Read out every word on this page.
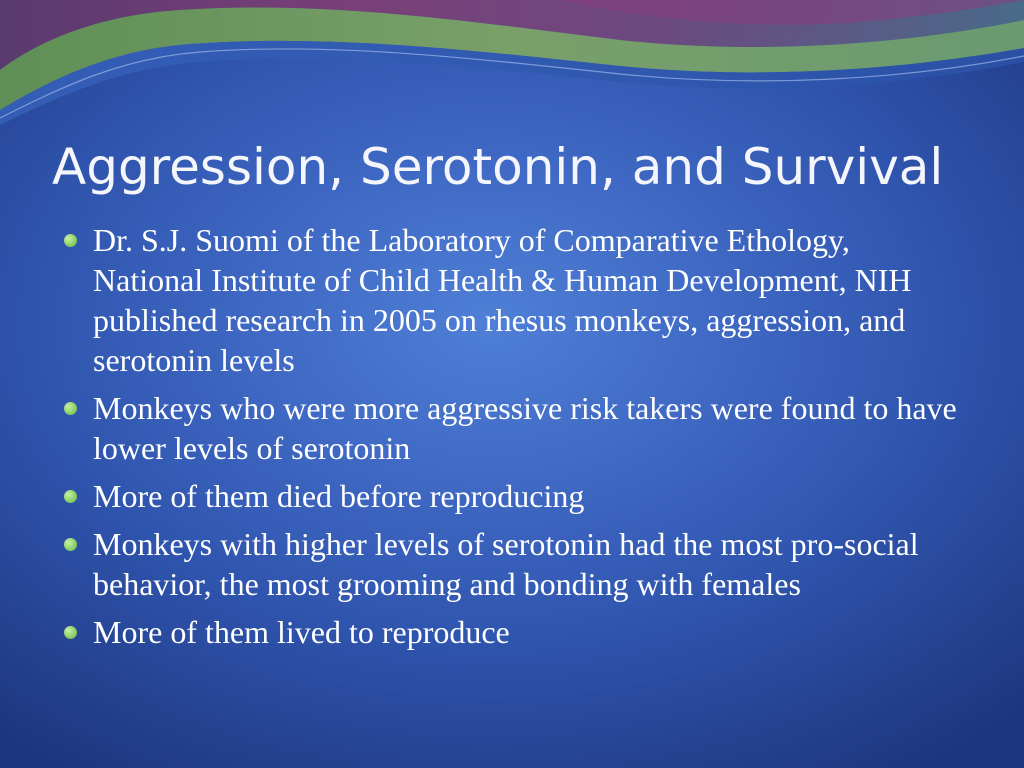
Aggression, Serotonin, and Survival
Dr. S.J. Suomi of the Laboratory of Comparative Ethology, National Institute of Child Health & Human Development, NIH published research in 2005 on rhesus monkeys, aggression, and serotonin levels
Monkeys who were more aggressive risk takers were found to have lower levels of serotonin
More of them died before reproducing
Monkeys with higher levels of serotonin had the most pro-social behavior, the most grooming and bonding with females
More of them lived to reproduce
